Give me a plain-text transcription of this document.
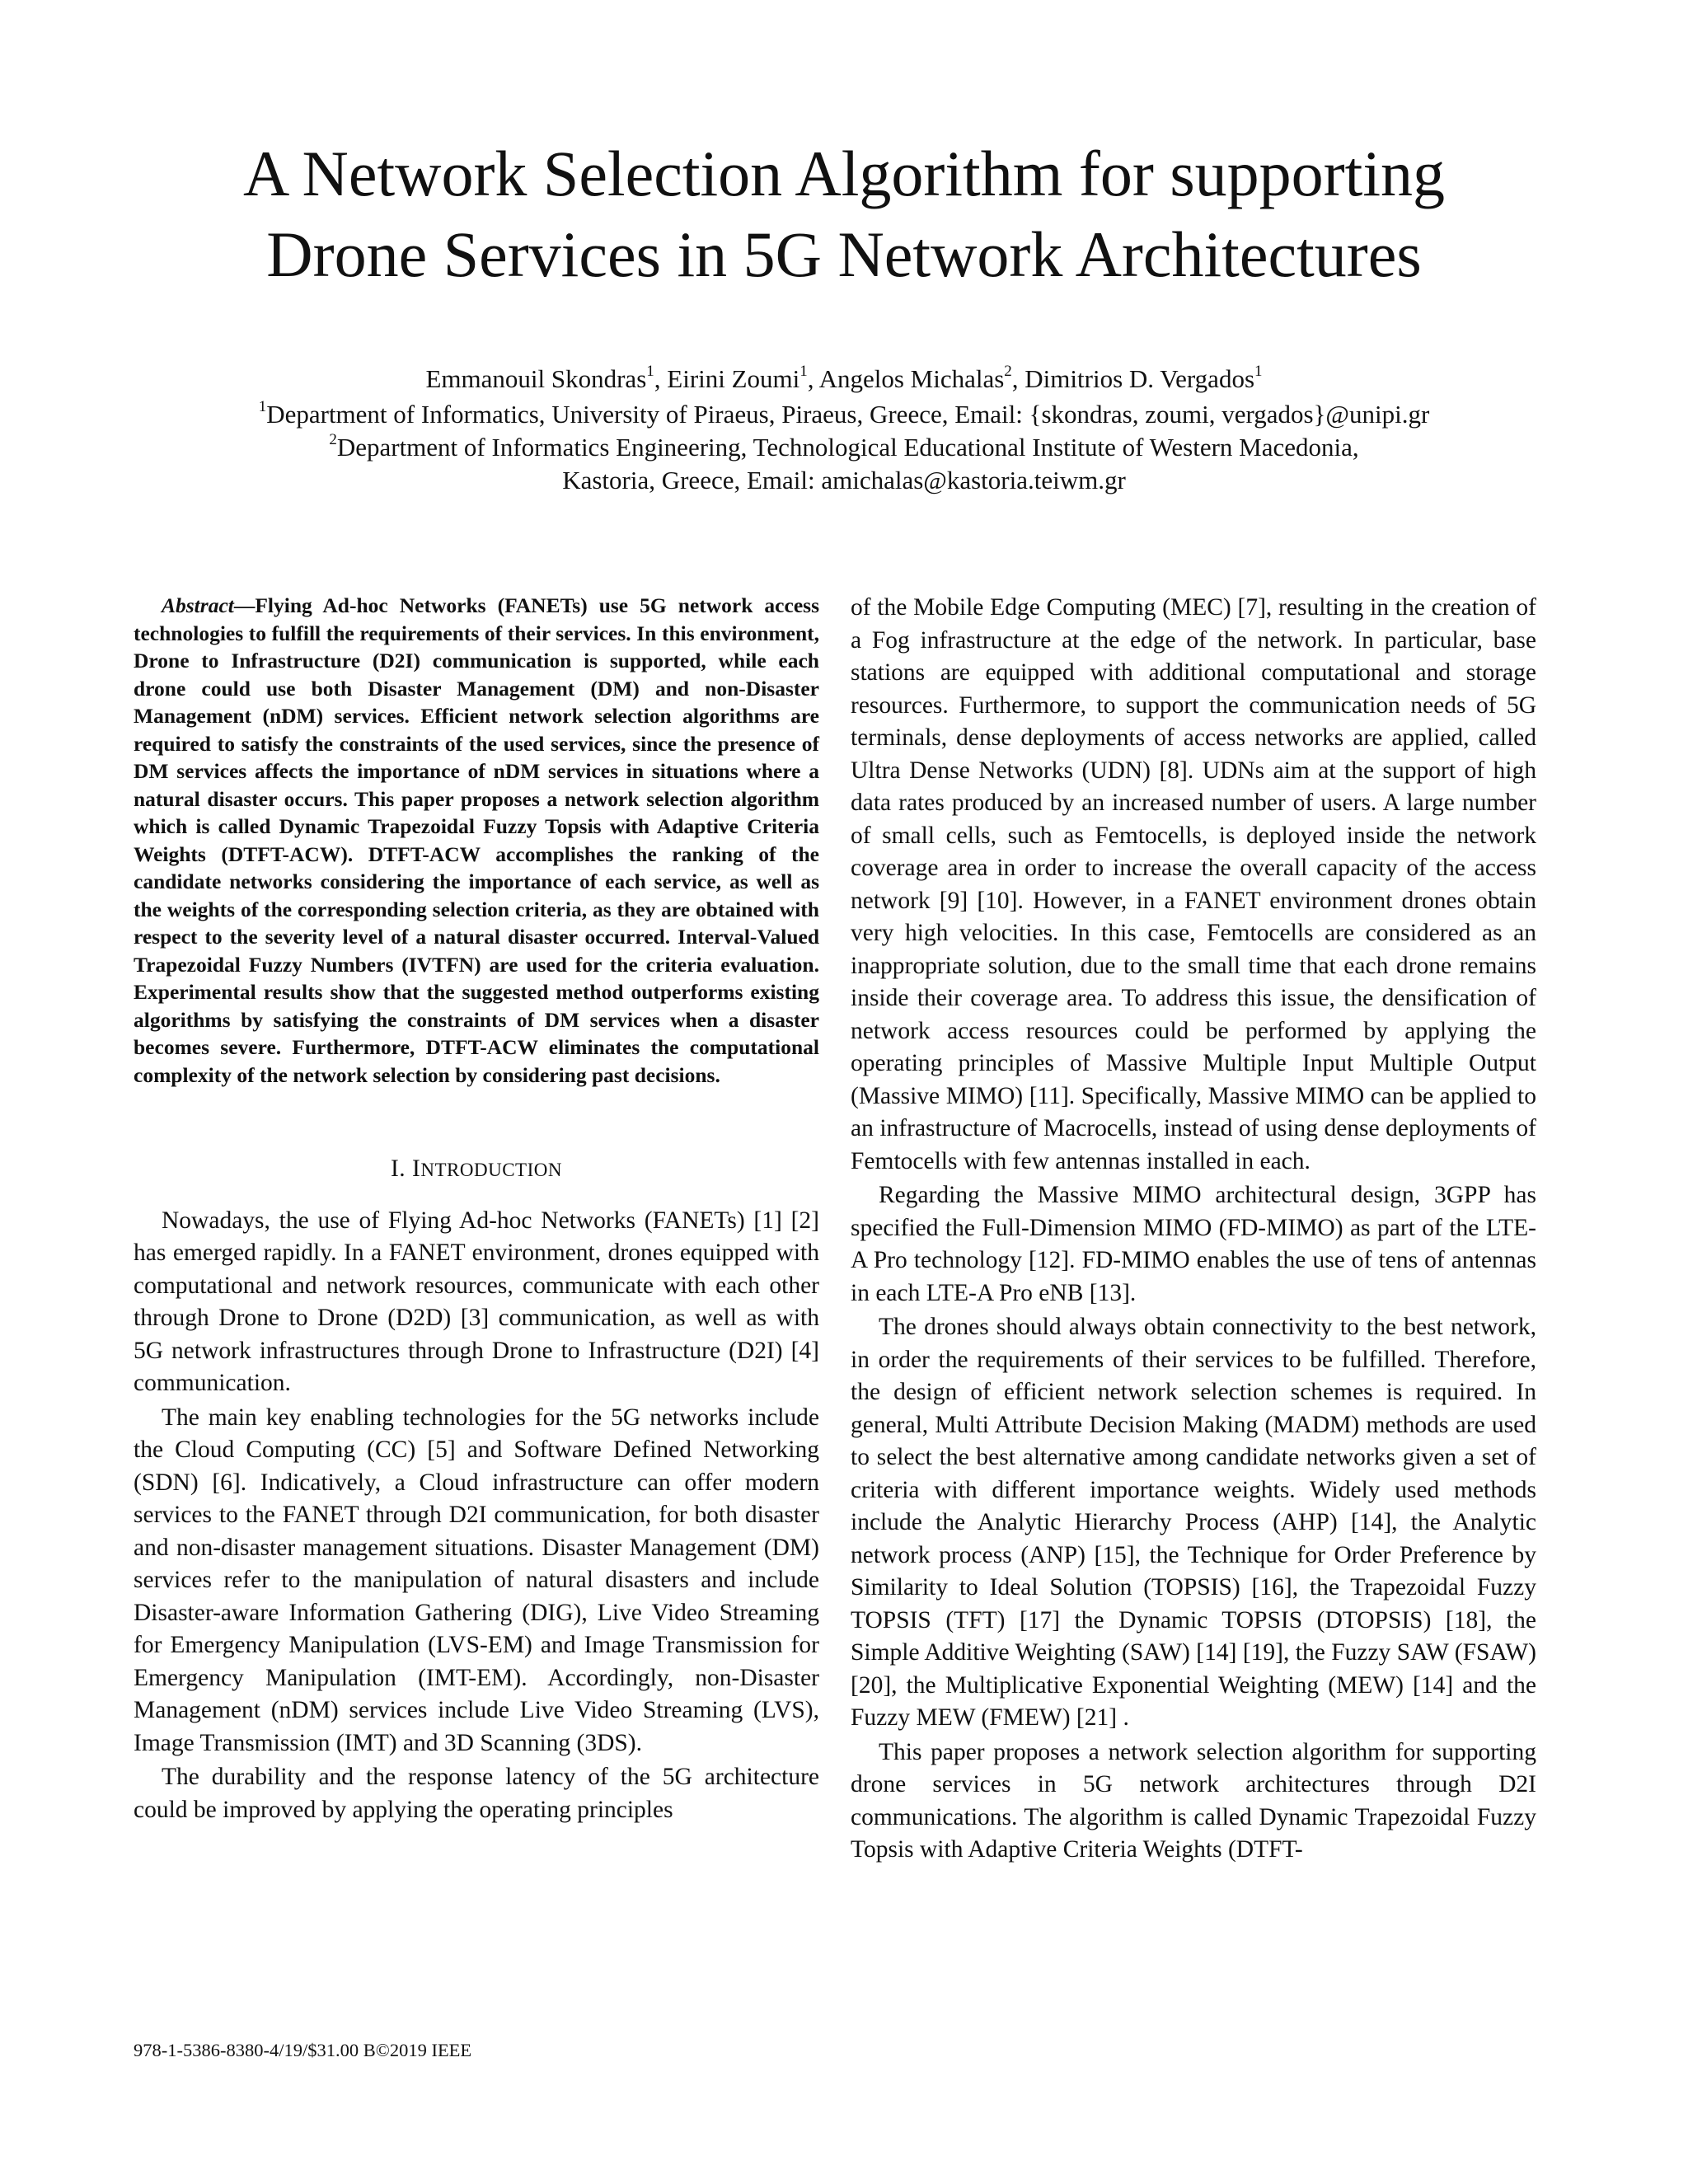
A Network Selection Algorithm for supporting
Drone Services in 5G Network Architectures
Emmanouil Skondras$^1$, Eirini Zoumi$^1$, Angelos Michalas$^2$, Dimitrios D. Vergados$^1$
$^1$Department of Informatics, University of Piraeus, Piraeus, Greece, Email: {skondras, zoumi, vergados}@unipi.gr
$^2$Department of Informatics Engineering, Technological Educational Institute of Western Macedonia,
Kastoria, Greece, Email: amichalas@kastoria.teiwm.gr

Abstract—Flying Ad-hoc Networks (FANETs) use 5G network access technologies to fulfill the requirements of their services. In this environment, Drone to Infrastructure (D2I) communication is supported, while each drone could use both Disaster Management (DM) and non-Disaster Management (nDM) services. Efficient network selection algorithms are required to satisfy the constraints of the used services, since the presence of DM services affects the importance of nDM services in situations where a natural disaster occurs. This paper proposes a network selection algorithm which is called Dynamic Trapezoidal Fuzzy Topsis with Adaptive Criteria Weights (DTFT-ACW). DTFT-ACW accomplishes the ranking of the candidate networks considering the importance of each service, as well as the weights of the corresponding selection criteria, as they are obtained with respect to the severity level of a natural disaster occurred. Interval-Valued Trapezoidal Fuzzy Numbers (IVTFN) are used for the criteria evaluation. Experimental results show that the suggested method outperforms existing algorithms by satisfying the constraints of DM services when a disaster becomes severe. Furthermore, DTFT-ACW eliminates the computational complexity of the network selection by considering past decisions.

I. INTRODUCTION

Nowadays, the use of Flying Ad-hoc Networks (FANETs) [1] [2] has emerged rapidly. In a FANET environment, drones equipped with computational and network resources, communicate with each other through Drone to Drone (D2D) [3] communication, as well as with 5G network infrastructures through Drone to Infrastructure (D2I) [4] communication.

The main key enabling technologies for the 5G networks include the Cloud Computing (CC) [5] and Software Defined Networking (SDN) [6]. Indicatively, a Cloud infrastructure can offer modern services to the FANET through D2I communication, for both disaster and non-disaster management situations. Disaster Management (DM) services refer to the manipulation of natural disasters and include Disaster-aware Information Gathering (DIG), Live Video Streaming for Emergency Manipulation (LVS-EM) and Image Transmission for Emergency Manipulation (IMT-EM). Accordingly, non-Disaster Management (nDM) services include Live Video Streaming (LVS), Image Transmission (IMT) and 3D Scanning (3DS).

The durability and the response latency of the 5G architecture could be improved by applying the operating principles

of the Mobile Edge Computing (MEC) [7], resulting in the creation of a Fog infrastructure at the edge of the network. In particular, base stations are equipped with additional computational and storage resources. Furthermore, to support the communication needs of 5G terminals, dense deployments of access networks are applied, called Ultra Dense Networks (UDN) [8]. UDNs aim at the support of high data rates produced by an increased number of users. A large number of small cells, such as Femtocells, is deployed inside the network coverage area in order to increase the overall capacity of the access network [9] [10]. However, in a FANET environment drones obtain very high velocities. In this case, Femtocells are considered as an inappropriate solution, due to the small time that each drone remains inside their coverage area. To address this issue, the densification of network access resources could be performed by applying the operating principles of Massive Multiple Input Multiple Output (Massive MIMO) [11]. Specifically, Massive MIMO can be applied to an infrastructure of Macrocells, instead of using dense deployments of Femtocells with few antennas installed in each.

Regarding the Massive MIMO architectural design, 3GPP has specified the Full-Dimension MIMO (FD-MIMO) as part of the LTE-A Pro technology [12]. FD-MIMO enables the use of tens of antennas in each LTE-A Pro eNB [13].

The drones should always obtain connectivity to the best network, in order the requirements of their services to be fulfilled. Therefore, the design of efficient network selection schemes is required. In general, Multi Attribute Decision Making (MADM) methods are used to select the best alternative among candidate networks given a set of criteria with different importance weights. Widely used methods include the Analytic Hierarchy Process (AHP) [14], the Analytic network process (ANP) [15], the Technique for Order Preference by Similarity to Ideal Solution (TOPSIS) [16], the Trapezoidal Fuzzy TOPSIS (TFT) [17] the Dynamic TOPSIS (DTOPSIS) [18], the Simple Additive Weighting (SAW) [14] [19], the Fuzzy SAW (FSAW) [20], the Multiplicative Exponential Weighting (MEW) [14] and the Fuzzy MEW (FMEW) [21] .

This paper proposes a network selection algorithm for supporting drone services in 5G network architectures through D2I communications. The algorithm is called Dynamic Trapezoidal Fuzzy Topsis with Adaptive Criteria Weights (DTFT-

978-1-5386-8380-4/19/$31.00 B©2019 IEEE
